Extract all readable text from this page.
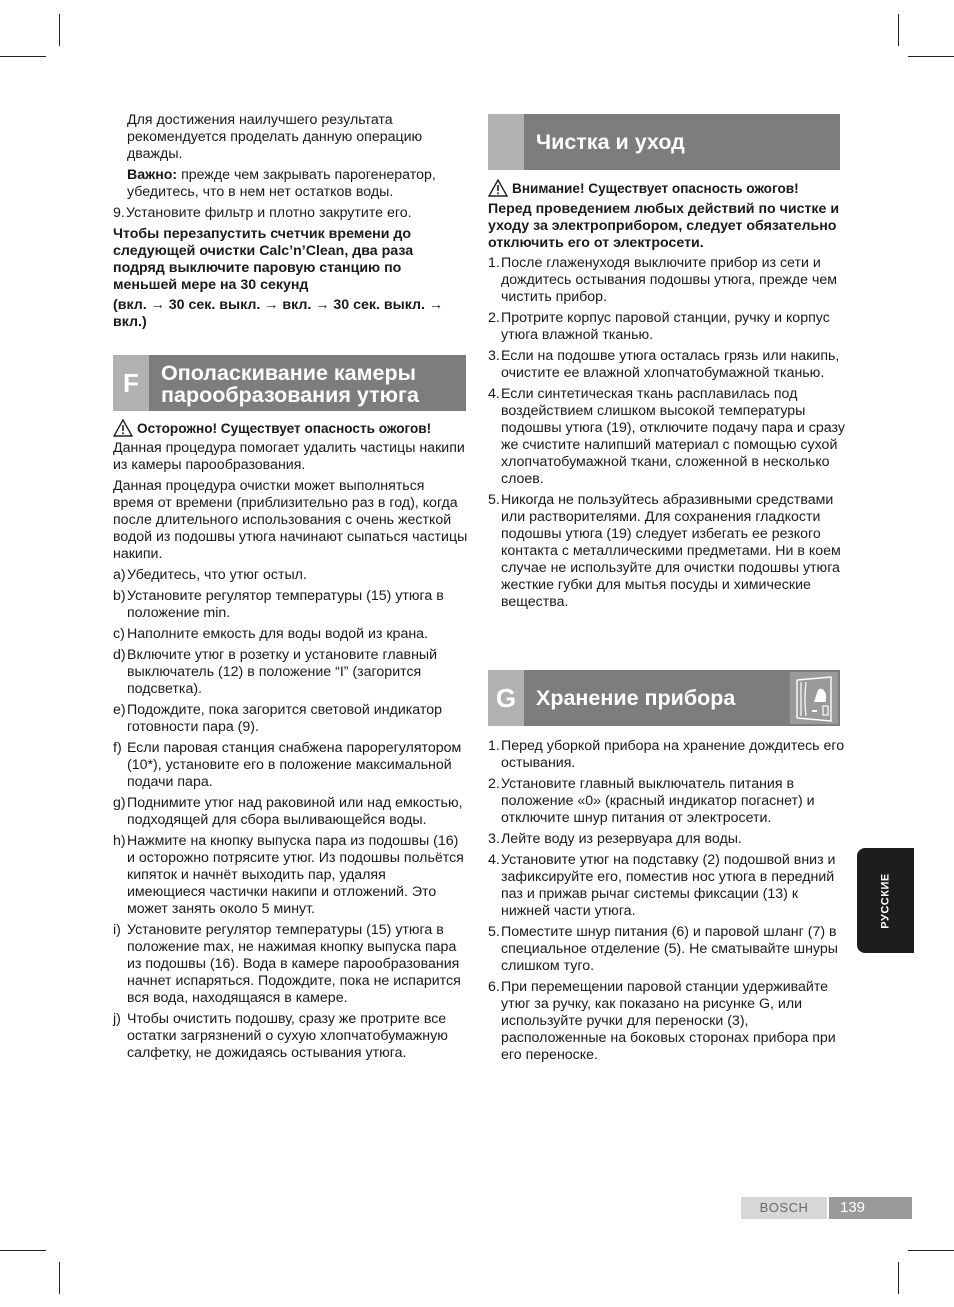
Для достижения наилучшего результата рекомендуется проделать данную операцию дважды.

Важно: прежде чем закрывать парогенератор, убедитесь, что в нем нет остатков воды.

9. Установите фильтр и плотно закрутите его.

Чтобы перезапустить счетчик времени до следующей очистки Calc’n’Clean, два раза подряд выключите паровую станцию по меньшей мере на 30 секунд

(вкл. → 30 сек. выкл. → вкл. → 30 сек. выкл. → вкл.)

F Ополаскивание камеры
парообразования утюга
Осторожно! Существует опасность ожогов!

Данная процедура помогает удалить частицы накипи из камеры парообразования.

Данная процедура очистки может выполняться время от времени (приблизительно раз в год), когда после длительного использования с очень жесткой водой из подошвы утюга начинают сыпаться частицы накипи.

a) Убедитесь, что утюг остыл.
b) Установите регулятор температуры (15) утюга в положение min.
c) Наполните емкость для воды водой из крана.
d) Включите утюг в розетку и установите главный выключатель (12) в положение “I” (загорится подсветка).
e) Подождите, пока загорится световой индикатор готовности пара (9).
f) Если паровая станция снабжена парорегулятором (10*), установите его в положение максимальной подачи пара.
g) Поднимите утюг над раковиной или над емкостью, подходящей для сбора выливающейся воды.
h) Нажмите на кнопку выпуска пара из подошвы (16) и осторожно потрясите утюг. Из подошвы польётся кипяток и начнёт выходить пар, удаляя имеющиеся частички накипи и отложений. Это может занять около 5 минут.
i) Установите регулятор температуры (15) утюга в положение max, не нажимая кнопку выпуска пара из подошвы (16). Вода в камере парообразования начнет испаряться. Подождите, пока не испарится вся вода, находящаяся в камере.
j) Чтобы очистить подошву, сразу же протрите все остатки загрязнений о сухую хлопчатобумажную салфетку, не дожидаясь остывания утюга.
Чистка и уход
Внимание! Существует опасность ожогов!

Перед проведением любых действий по чистке и уходу за электроприбором, следует обязательно отключить его от электросети.

1. После глаженуходя выключите прибор из сети и дождитесь остывания подошвы утюга, прежде чем чистить прибор.
2. Протрите корпус паровой станции, ручку и корпус утюга влажной тканью.
3. Если на подошве утюга осталась грязь или накипь, очистите ее влажной хлопчатобумажной тканью.
4. Если синтетическая ткань расплавилась под воздействием слишком высокой температуры подошвы утюга (19), отключите подачу пара и сразу же счистите налипший материал с помощью сухой хлопчатобумажной ткани, сложенной в несколько слоев.
5. Никогда не пользуйтесь абразивными средствами или растворителями. Для сохранения гладкости подошвы утюга (19) следует избегать ее резкого контакта с металлическими предметами. Ни в коем случае не используйте для очистки подошвы утюга жесткие губки для мытья посуды и химические вещества.
G Хранение прибора
1. Перед уборкой прибора на хранение дождитесь его остывания.
2. Установите главный выключатель питания в положение «0» (красный индикатор погаснет) и отключите шнур питания от электросети.
3. Лейте воду из резервуара для воды.
4. Установите утюг на подставку (2) подошвой вниз и зафиксируйте его, поместив нос утюга в передний паз и прижав рычаг системы фиксации (13) к нижней части утюга.
5. Поместите шнур питания (6) и паровой шланг (7) в специальное отделение (5). Не сматывайте шнуры слишком туго.
6. При перемещении паровой станции удерживайте утюг за ручку, как показано на рисунке G, или используйте ручки для переноски (3), расположенные на боковых сторонах прибора при его переноске.
РУССКИЕ
BOSCH	139
